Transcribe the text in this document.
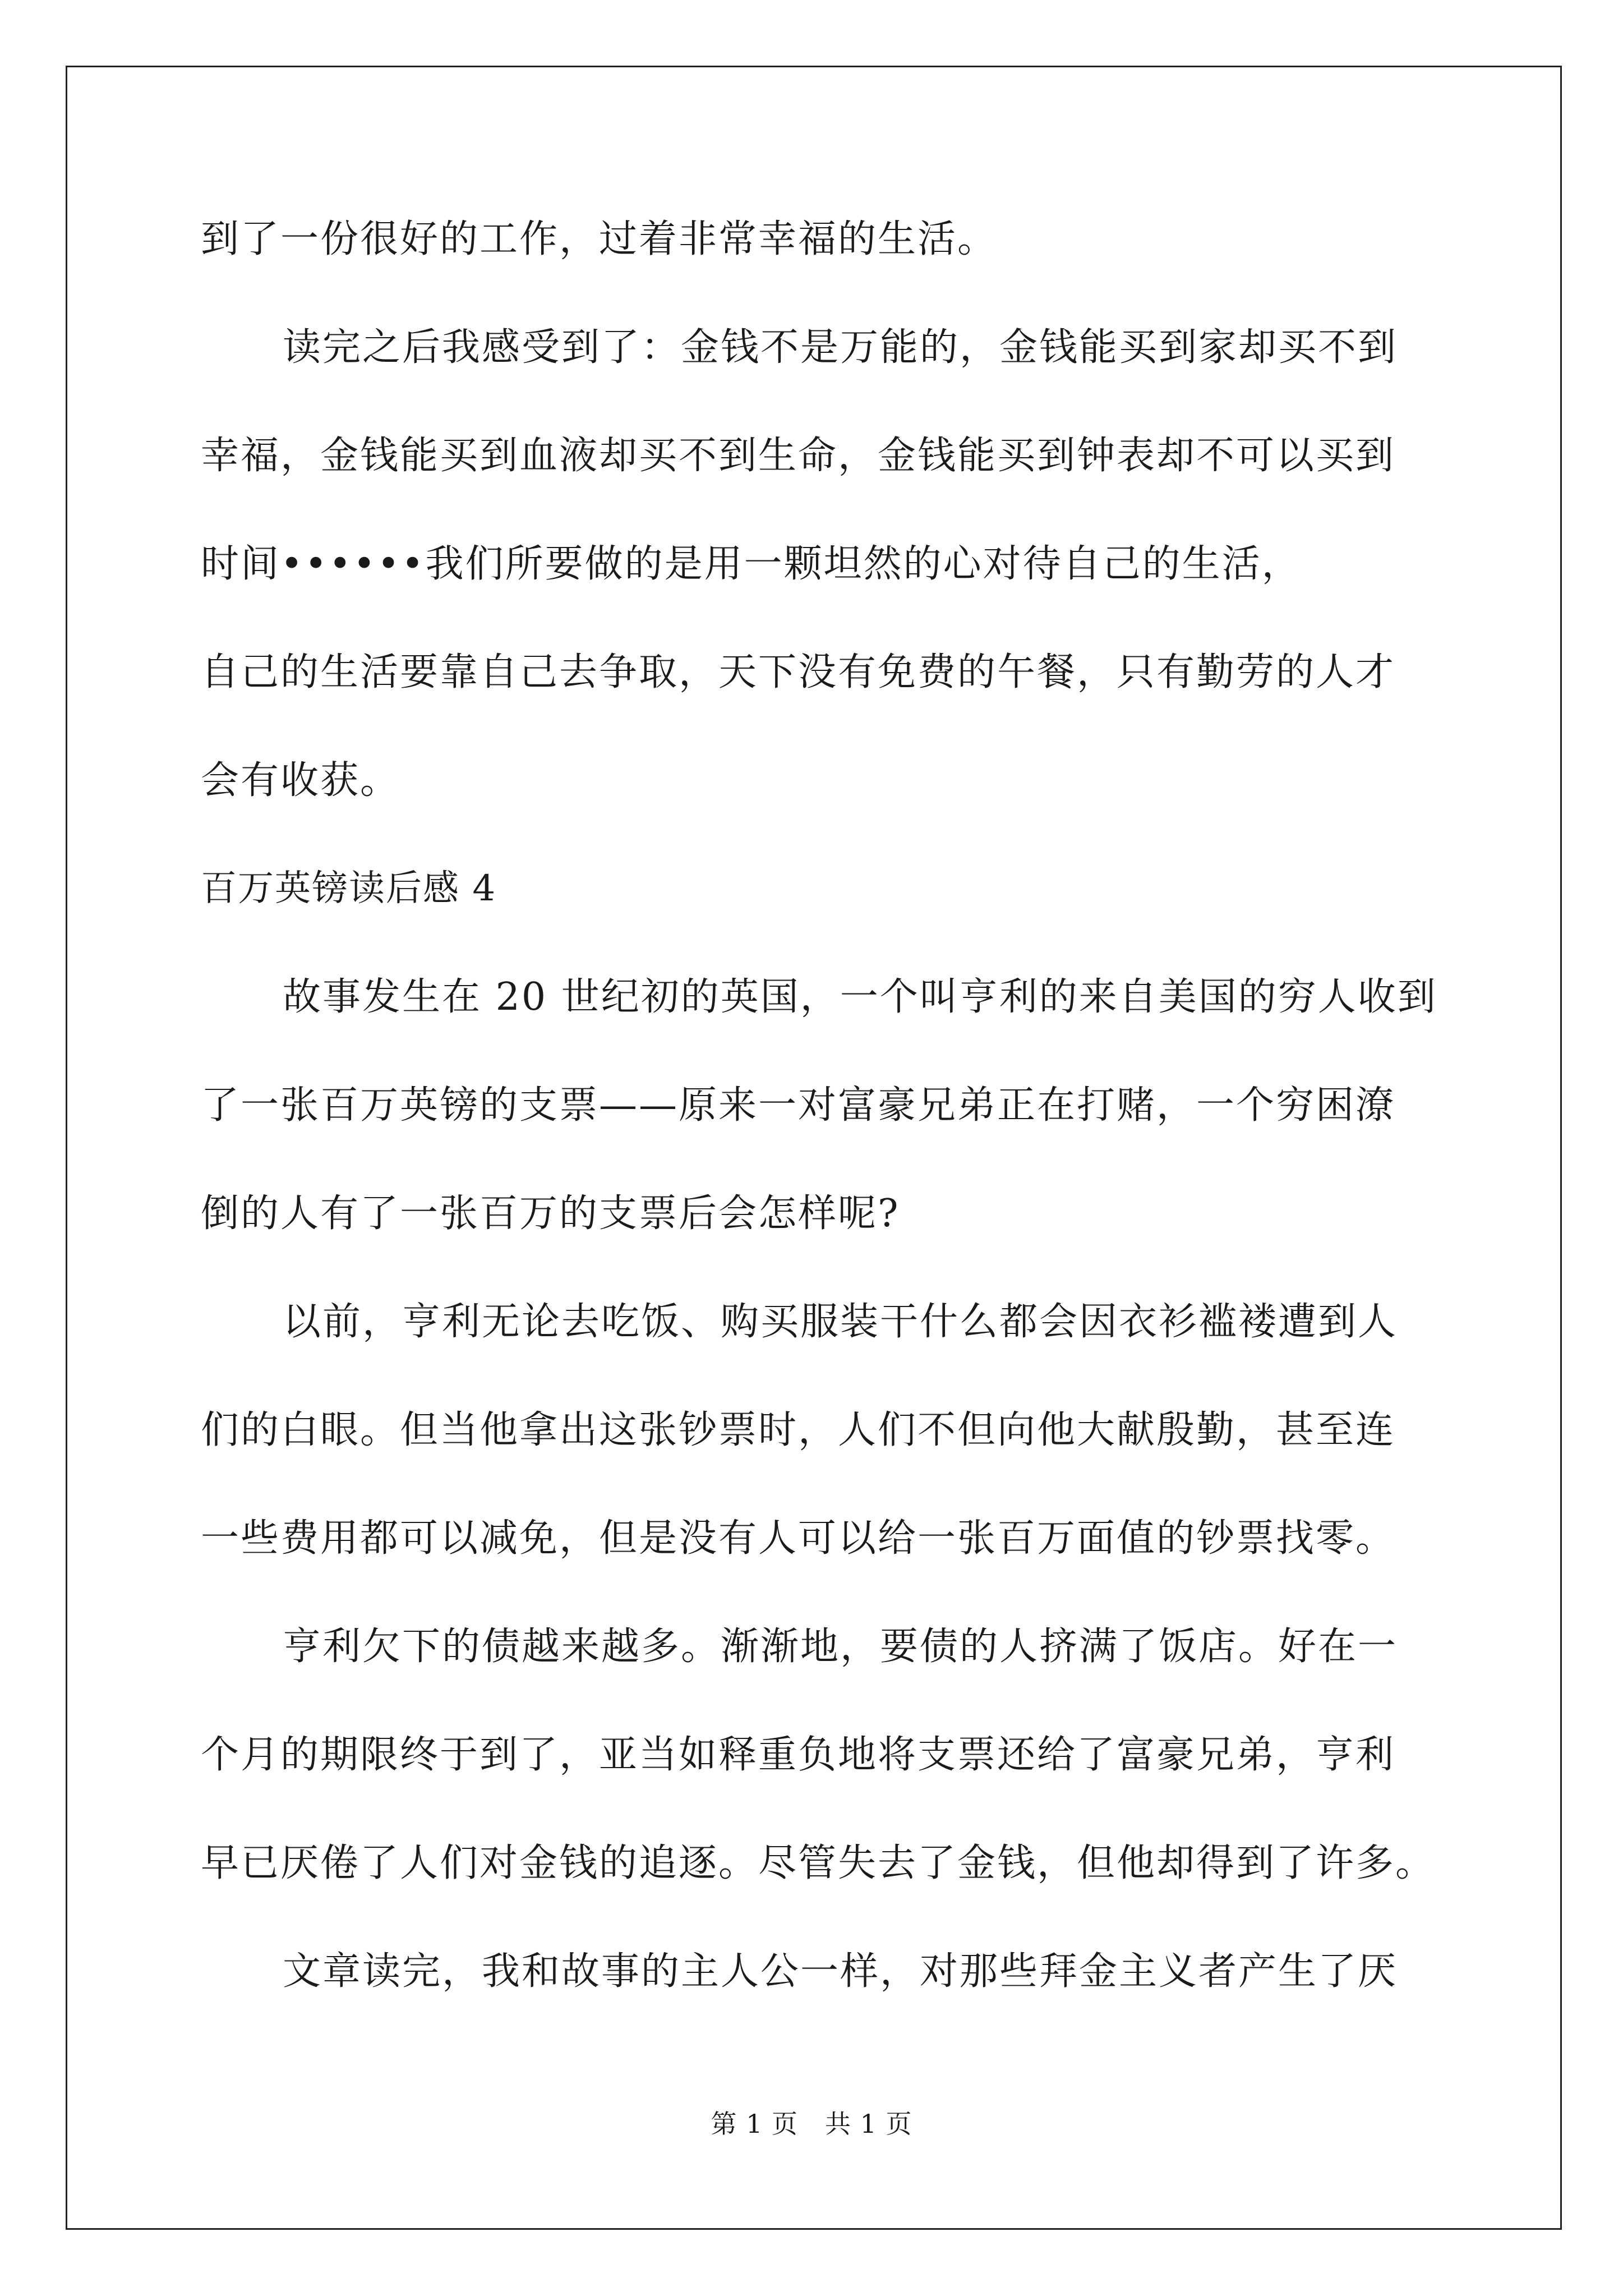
到了一份很好的工作，过着非常幸福的生活。
读完之后我感受到了：金钱不是万能的，金钱能买到家却买不到
幸福，金钱能买到血液却买不到生命，金钱能买到钟表却不可以买到
时间••••••我们所要做的是用一颗坦然的心对待自己的生活，
自己的生活要靠自己去争取，天下没有免费的午餐，只有勤劳的人才
会有收获。
百万英镑读后感 4
故事发生在 20 世纪初的英国，一个叫亨利的来自美国的穷人收到
了一张百万英镑的支票——原来一对富豪兄弟正在打赌，一个穷困潦
倒的人有了一张百万的支票后会怎样呢?
以前，亨利无论去吃饭、购买服装干什么都会因衣衫褴褛遭到人
们的白眼。但当他拿出这张钞票时，人们不但向他大献殷勤，甚至连
一些费用都可以减免，但是没有人可以给一张百万面值的钞票找零。
亨利欠下的债越来越多。渐渐地，要债的人挤满了饭店。好在一
个月的期限终于到了，亚当如释重负地将支票还给了富豪兄弟，亨利
早已厌倦了人们对金钱的追逐。尽管失去了金钱，但他却得到了许多。
文章读完，我和故事的主人公一样，对那些拜金主义者产生了厌
第 1 页 共 1 页
